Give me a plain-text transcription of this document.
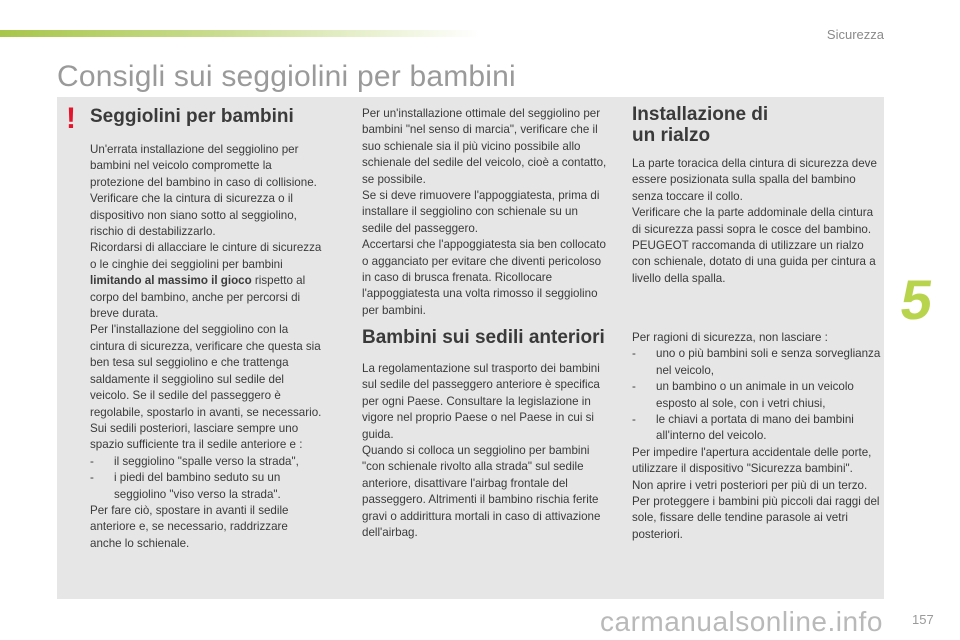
Sicurezza
Consigli sui seggiolini per bambini
! Seggiolini per bambini

Un'errata installazione del seggiolino per bambini nel veicolo compromette la protezione del bambino in caso di collisione.

Verificare che la cintura di sicurezza o il dispositivo non siano sotto al seggiolino, rischio di destabilizzarlo.

Ricordarsi di allacciare le cinture di sicurezza o le cinghie dei seggiolini per bambini limitando al massimo il gioco rispetto al corpo del bambino, anche per percorsi di breve durata.

Per l'installazione del seggiolino con la cintura di sicurezza, verificare che questa sia ben tesa sul seggiolino e che trattenga saldamente il seggiolino sul sedile del veicolo. Se il sedile del passeggero è regolabile, spostarlo in avanti, se necessario.

Sui sedili posteriori, lasciare sempre uno spazio sufficiente tra il sedile anteriore e :

-	il seggiolino "spalle verso la strada",
-	i piedi del bambino seduto su un seggiolino "viso verso la strada".

Per fare ciò, spostare in avanti il sedile anteriore e, se necessario, raddrizzare anche lo schienale.

Per un'installazione ottimale del seggiolino per bambini "nel senso di marcia", verificare che il suo schienale sia il più vicino possibile allo schienale del sedile del veicolo, cioè a contatto, se possibile.

Se si deve rimuovere l'appoggiatesta, prima di installare il seggiolino con schienale su un sedile del passeggero.

Accertarsi che l'appoggiatesta sia ben collocato o agganciato per evitare che diventi pericoloso in caso di brusca frenata. Ricollocare l'appoggiatesta una volta rimosso il seggiolino per bambini.

Bambini sui sedili anteriori

La regolamentazione sul trasporto dei bambini sul sedile del passeggero anteriore è specifica per ogni Paese. Consultare la legislazione in vigore nel proprio Paese o nel Paese in cui si guida.

Quando si colloca un seggiolino per bambini "con schienale rivolto alla strada" sul sedile anteriore, disattivare l'airbag frontale del passeggero. Altrimenti il bambino rischia ferite gravi o addirittura mortali in caso di attivazione dell'airbag.

Installazione di
un rialzo

La parte toracica della cintura di sicurezza deve essere posizionata sulla spalla del bambino senza toccare il collo.

Verificare che la parte addominale della cintura di sicurezza passi sopra le cosce del bambino.

PEUGEOT raccomanda di utilizzare un rialzo con schienale, dotato di una guida per cintura a livello della spalla.

Per ragioni di sicurezza, non lasciare :

-	uno o più bambini soli e senza sorveglianza nel veicolo,
-	un bambino o un animale in un veicolo esposto al sole, con i vetri chiusi,
-	le chiavi a portata di mano dei bambini all'interno del veicolo.

Per impedire l'apertura accidentale delle porte, utilizzare il dispositivo "Sicurezza bambini".

Non aprire i vetri posteriori per più di un terzo.

Per proteggere i bambini più piccoli dai raggi del sole, fissare delle tendine parasole ai vetri posteriori.

5
carmanualsonline.info 157
